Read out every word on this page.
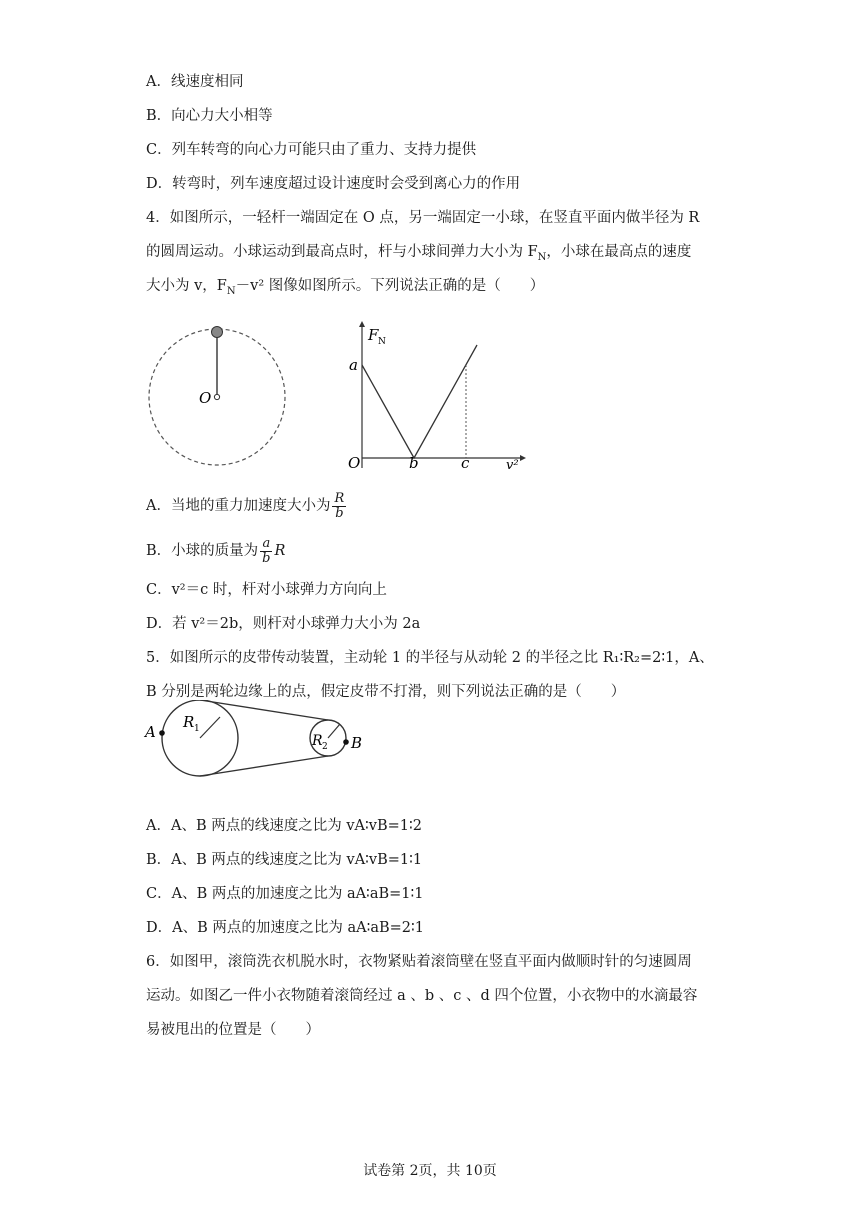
A．线速度相同
B．向心力大小相等
C．列车转弯的向心力可能只由了重力、支持力提供
D．转弯时，列车速度超过设计速度时会受到离心力的作用
4．如图所示，一轻杆一端固定在 O 点，另一端固定一小球，在竖直平面内做半径为 R
的圆周运动。小球运动到最高点时，杆与小球间弹力大小为 $F_N$，小球在最高点的速度
大小为 v，$F_N-v^2$ 图像如图所示。下列说法正确的是（　　）
O
F N
a
O	b	c	v²
A．当地的重力加速度大小为 $\frac{R}{b}$
B．小球的质量为 $\frac{a}{b}$ R
C．v²＝c 时，杆对小球弹力方向向上
D．若 v²＝2b，则杆对小球弹力大小为 2a
5．如图所示的皮带传动装置，主动轮 1 的半径与从动轮 2 的半径之比 R₁∶R₂=2∶1，A、
B 分别是两轮边缘上的点，假定皮带不打滑，则下列说法正确的是（　　）
A
B
R 1
R 2
A．A、B 两点的线速度之比为 vA∶vB=1∶2
B．A、B 两点的线速度之比为 vA∶vB=1∶1
C．A、B 两点的加速度之比为 aA∶aB=1∶1
D．A、B 两点的加速度之比为 aA∶aB=2∶1
6．如图甲，滚筒洗衣机脱水时，衣物紧贴着滚筒壁在竖直平面内做顺时针的匀速圆周
运动。如图乙一件小衣物随着滚筒经过 a 、b 、c 、d 四个位置，小衣物中的水滴最容
易被甩出的位置是（　　）
试卷第 2页，共 10页
